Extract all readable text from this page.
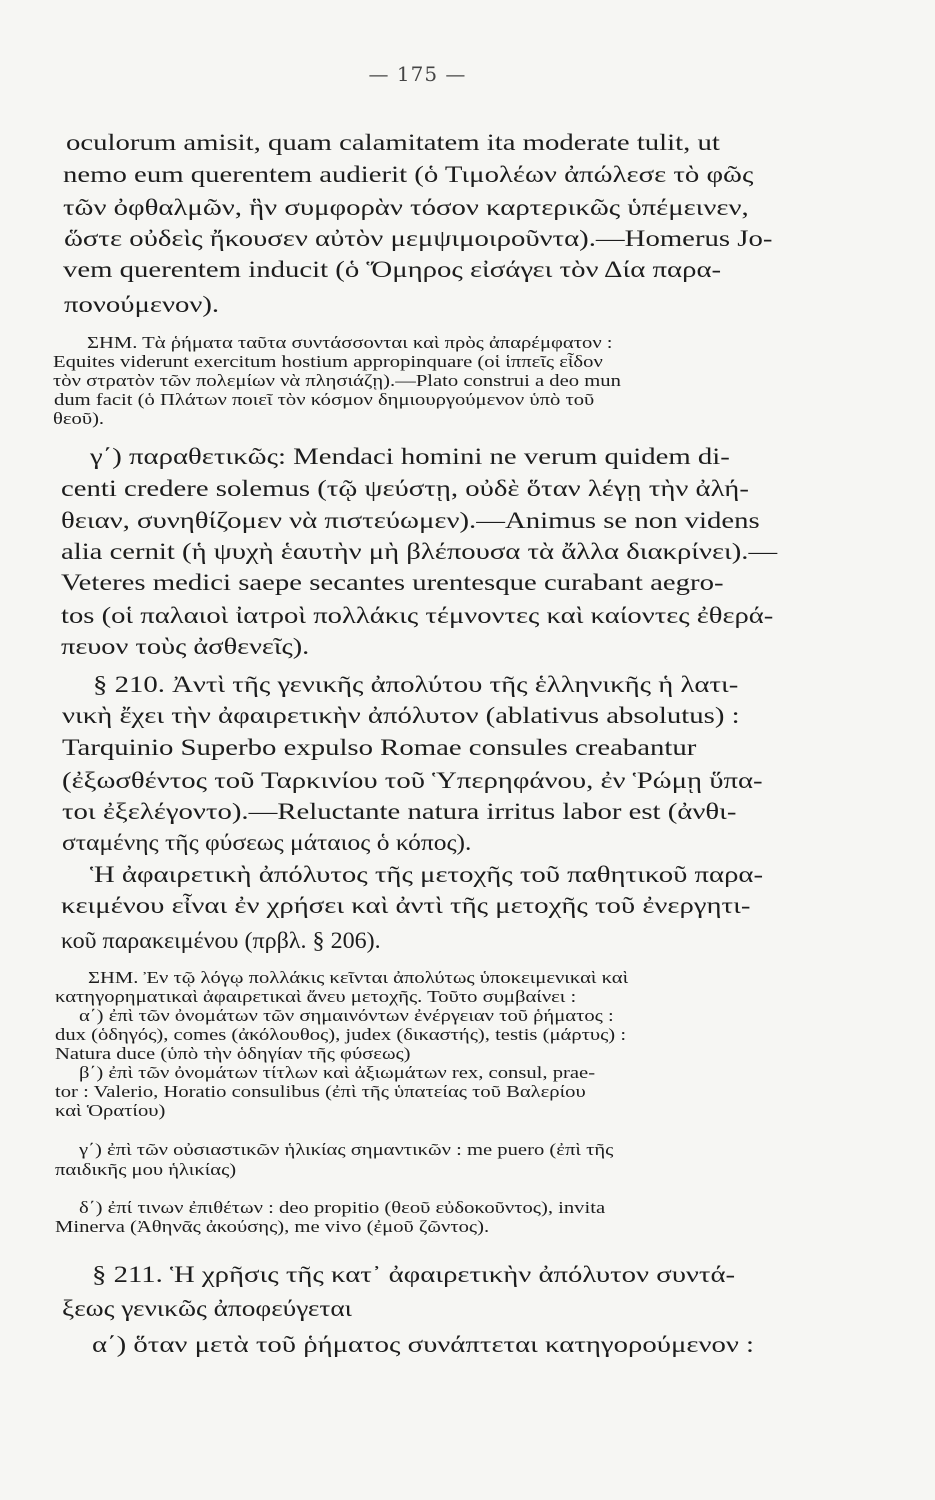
— 175 —
oculorum amisit, quam calamitatem ita moderate tulit, ut
nemo eum querentem audierit (ὁ Τιμολέων ἀπώλεσε τὸ φῶς
τῶν ὀφθαλμῶν, ἣν συμφορὰν τόσον καρτερικῶς ὑπέμεινεν,
ὥστε οὐδεὶς ἤκουσεν αὐτὸν μεμψιμοιροῦντα).—Homerus Jo-
vem querentem inducit (ὁ Ὅμηρος εἰσάγει τὸν Δία παρα-
πονούμενον).
ΣΗΜ. Τὰ ῥήματα ταῦτα συντάσσονται καὶ πρὸς ἀπαρέμφατον :
Equites viderunt exercitum hostium appropinquare (οἱ ἱππεῖς εἶδον
τὸν στρατὸν τῶν πολεμίων νὰ πλησιάζῃ).—Plato construi a deo mun
dum facit (ὁ Πλάτων ποιεῖ τὸν κόσμον δημιουργούμενον ὑπὸ τοῦ
θεοῦ).
γ΄) παραθετικῶς: Mendaci homini ne verum quidem di-
centi credere solemus (τῷ ψεύστῃ, οὐδὲ ὅταν λέγῃ τὴν ἀλή-
θειαν, συνηθίζομεν νὰ πιστεύωμεν).—Animus se non videns
alia cernit (ἡ ψυχὴ ἑαυτὴν μὴ βλέπουσα τὰ ἄλλα διακρίνει).—
Veteres medici saepe secantes urentesque curabant aegro-
tos (οἱ παλαιοὶ ἰατροὶ πολλάκις τέμνοντες καὶ καίοντες ἐθερά-
πευον τοὺς ἀσθενεῖς).
§ 210. Ἀντὶ τῆς γενικῆς ἀπολύτου τῆς ἑλληνικῆς ἡ λατι-
νικὴ ἔχει τὴν ἀφαιρετικὴν ἀπόλυτον (ablativus absolutus) :
Tarquinio Superbo expulso Romae consules creabantur
(ἐξωσθέντος τοῦ Ταρκινίου τοῦ Ὑπερηφάνου, ἐν Ῥώμῃ ὕπα-
τοι ἐξελέγοντο).—Reluctante natura irritus labor est (ἀνθι-
σταμένης τῆς φύσεως μάταιος ὁ κόπος).
Ἡ ἀφαιρετικὴ ἀπόλυτος τῆς μετοχῆς τοῦ παθητικοῦ παρα-
κειμένου εἶναι ἐν χρήσει καὶ ἀντὶ τῆς μετοχῆς τοῦ ἐνεργητι-
κοῦ παρακειμένου (πρβλ. § 206).
ΣΗΜ. Ἐν τῷ λόγῳ πολλάκις κεῖνται ἀπολύτως ὑποκειμενικαὶ καὶ
κατηγορηματικαὶ ἀφαιρετικαὶ ἄνευ μετοχῆς. Τοῦτο συμβαίνει :
α΄) ἐπὶ τῶν ὀνομάτων τῶν σημαινόντων ἐνέργειαν τοῦ ῥήματος :
dux (ὁδηγός), comes (ἀκόλουθος), judex (δικαστής), testis (μάρτυς) :
Natura duce (ὑπὸ τὴν ὁδηγίαν τῆς φύσεως)
β΄) ἐπὶ τῶν ὀνομάτων τίτλων καὶ ἀξιωμάτων rex, consul, prae-
tor : Valerio, Horatio consulibus (ἐπὶ τῆς ὑπατείας τοῦ Βαλερίου
καὶ Ὁρατίου)
γ΄) ἐπὶ τῶν οὐσιαστικῶν ἡλικίας σημαντικῶν : me puero (ἐπὶ τῆς
παιδικῆς μου ἡλικίας)
δ΄) ἐπί τινων ἐπιθέτων : deo propitio (θεοῦ εὐδοκοῦντος), invita
Minerva (Ἀθηνᾶς ἀκούσης), me vivo (ἐμοῦ ζῶντος).
§ 211. Ἡ χρῆσις τῆς κατ᾽ ἀφαιρετικὴν ἀπόλυτον συντά-
ξεως γενικῶς ἀποφεύγεται
α΄) ὅταν μετὰ τοῦ ῥήματος συνάπτεται κατηγορούμενον :
